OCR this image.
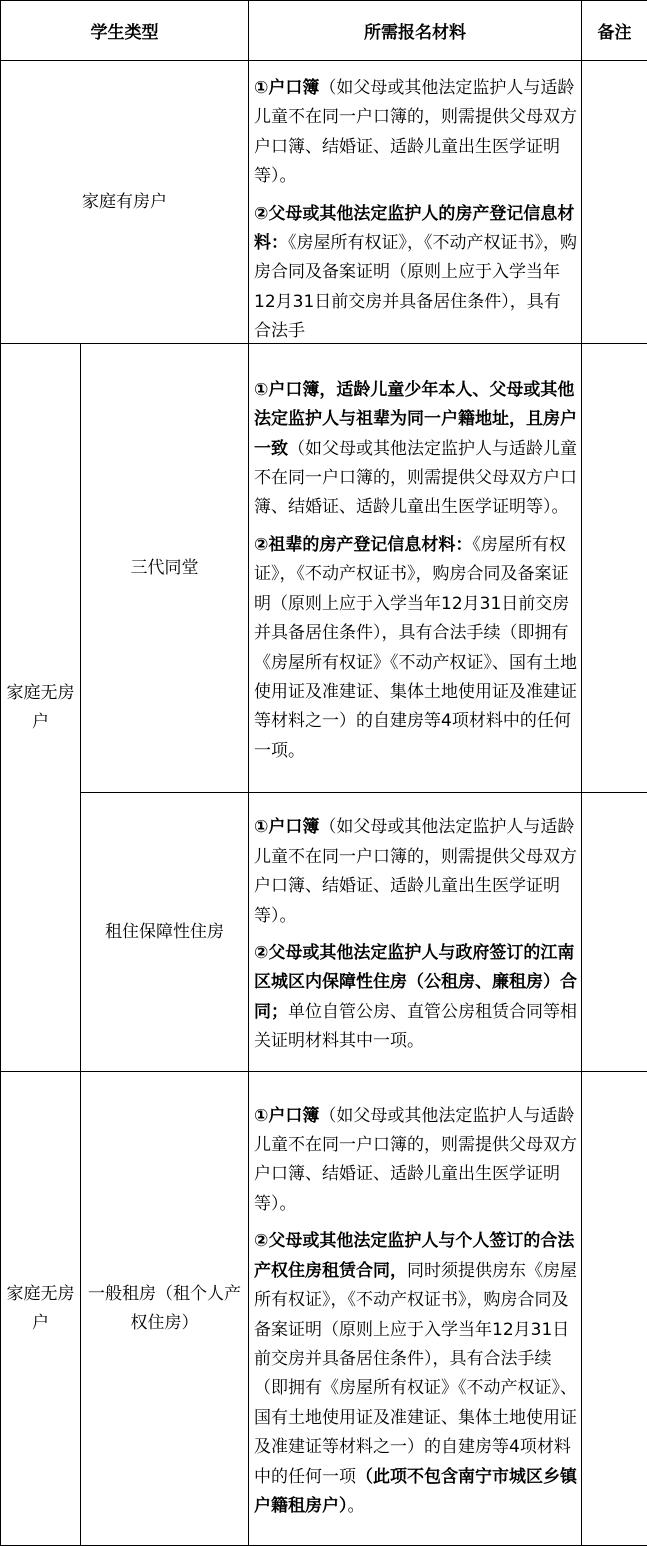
学生类型		所需报名材料	备注
家庭有房户		①户口簿（如父母或其他法定监护人与适龄儿童不在同一户口簿的，则需提供父母双方户口簿、结婚证、适龄儿童出生医学证明等）。

②父母或其他法定监护人的房产登记信息材料：《房屋所有权证》，《不动产权证书》，购房合同及备案证明（原则上应于入学当年12月31日前交房并具备居住条件），具有合法手	

家庭无房户	三代同堂	①户口簿，适龄儿童少年本人、父母或其他法定监护人与祖辈为同一户籍地址，且房户一致（如父母或其他法定监护人与适龄儿童不在同一户口簿的，则需提供父母双方户口簿、结婚证、适龄儿童出生医学证明等）。

②祖辈的房产登记信息材料：《房屋所有权证》，《不动产权证书》，购房合同及备案证明（原则上应于入学当年12月31日前交房并具备居住条件），具有合法手续（即拥有《房屋所有权证》《不动产权证》、国有土地使用证及准建证、集体土地使用证及准建证等材料之一）的自建房等4项材料中的任何一项。	

	租住保障性住房	①户口簿（如父母或其他法定监护人与适龄儿童不在同一户口簿的，则需提供父母双方户口簿、结婚证、适龄儿童出生医学证明等）。

②父母或其他法定监护人与政府签订的江南区城区内保障性住房（公租房、廉租房）合同；单位自管公房、直管公房租赁合同等相关证明材料其中一项。	

家庭无房户	一般租房（租个人产权住房）	①户口簿（如父母或其他法定监护人与适龄儿童不在同一户口簿的，则需提供父母双方户口簿、结婚证、适龄儿童出生医学证明等）。

②父母或其他法定监护人与个人签订的合法产权住房租赁合同，同时须提供房东《房屋所有权证》，《不动产权证书》，购房合同及备案证明（原则上应于入学当年12月31日前交房并具备居住条件），具有合法手续（即拥有《房屋所有权证》《不动产权证》、国有土地使用证及准建证、集体土地使用证及准建证等材料之一）的自建房等4项材料中的任何一项（此项不包含南宁市城区乡镇户籍租房户）。	
